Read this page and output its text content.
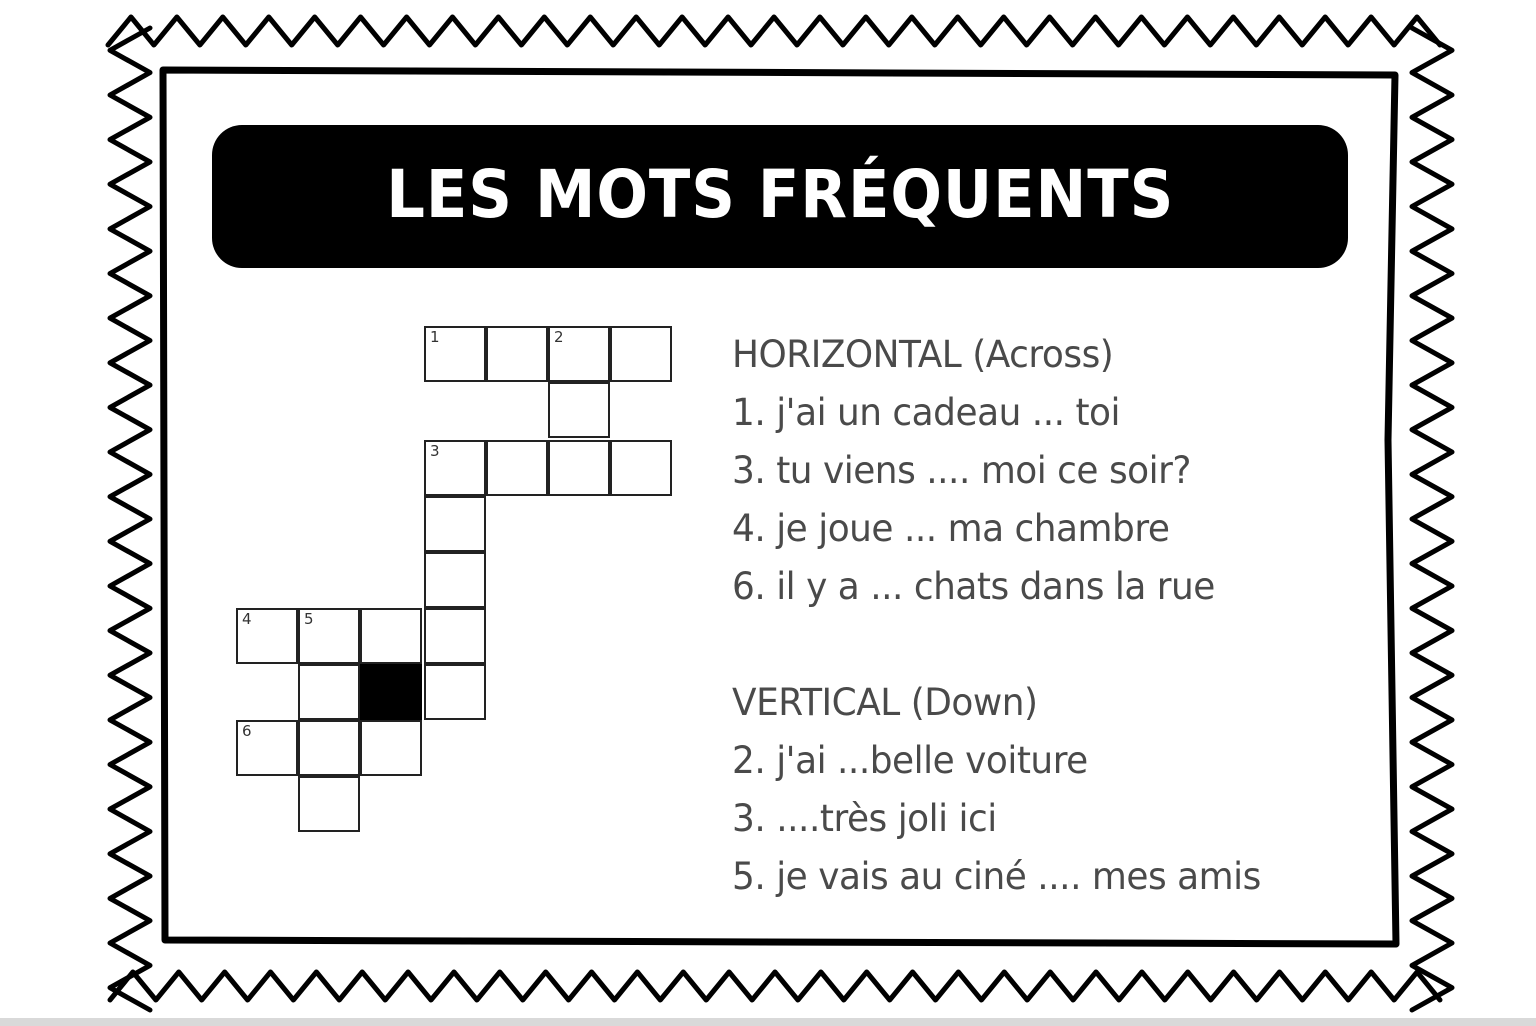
LES MOTS FRÉQUENTS
1	2
3
4	5
6
HORIZONTAL (Across)
1. j'ai un cadeau ... toi
3. tu viens .... moi ce soir?
4. je joue ... ma chambre
6. il y a ... chats dans la rue
VERTICAL (Down)
2. j'ai ...belle voiture
3. ....très joli ici
5. je vais au ciné .... mes amis
